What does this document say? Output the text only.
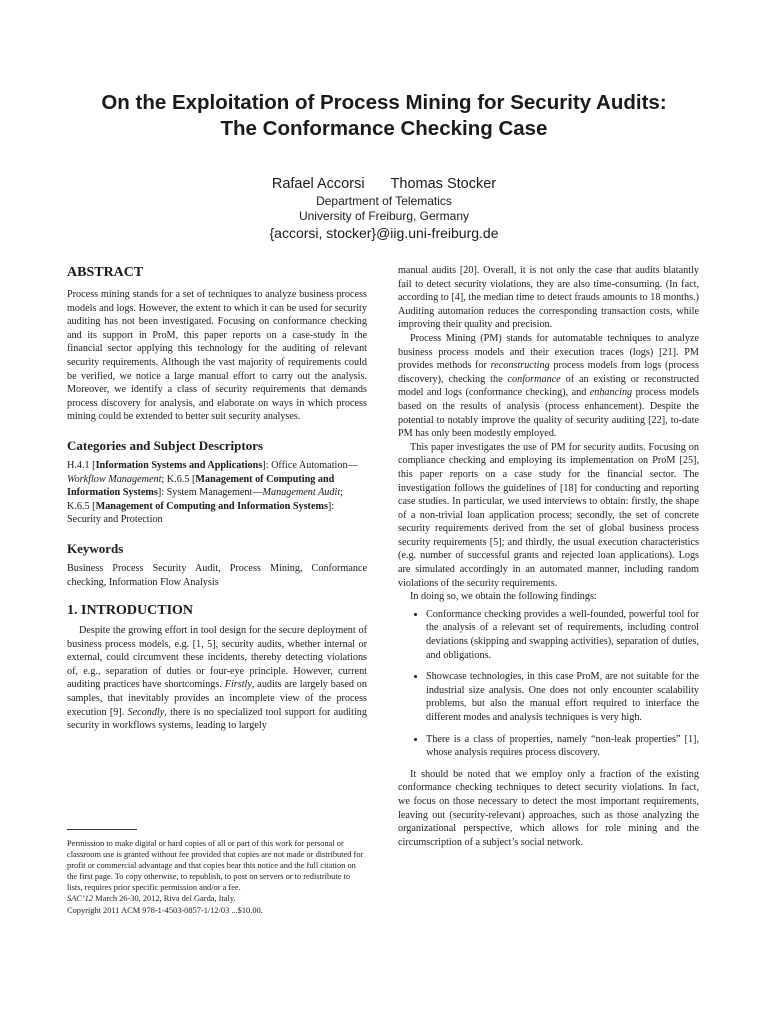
On the Exploitation of Process Mining for Security Audits:
The Conformance Checking Case
Rafael Accorsi Thomas Stocker
Department of Telematics
University of Freiburg, Germany
{accorsi, stocker}@iig.uni-freiburg.de
ABSTRACT

Process mining stands for a set of techniques to analyze business process models and logs. However, the extent to which it can be used for security auditing has not been investigated. Focusing on conformance checking and its support in ProM, this paper reports on a case-study in the financial sector applying this technology for the auditing of relevant security requirements. Although the vast majority of requirements could be verified, we notice a large manual effort to carry out the analysis. Moreover, we identify a class of security requirements that demands process discovery for analysis, and elaborate on ways in which process mining could be extended to better suit security analyses.

Categories and Subject Descriptors

H.4.1 [Information Systems and Applications]: Office Automation—Workflow Management; K.6.5 [Management of Computing and Information Systems]: System Management—Management Audit; K.6.5 [Management of Computing and Information Systems]: Security and Protection

Keywords

Business Process Security Audit, Process Mining, Conformance checking, Information Flow Analysis

1. INTRODUCTION

Despite the growing effort in tool design for the secure deployment of business process models, e.g. [1, 5], security audits, whether internal or external, could circumvent these incidents, thereby detecting violations of, e.g., separation of duties or four-eye principle. However, current auditing practices have shortcomings. Firstly, audits are largely based on samples, that inevitably provides an incomplete view of the process execution [9]. Secondly, there is no specialized tool support for auditing security in workflows systems, leading to largely

Permission to make digital or hard copies of all or part of this work for personal or classroom use is granted without fee provided that copies are not made or distributed for profit or commercial advantage and that copies bear this notice and the full citation on the first page. To copy otherwise, to republish, to post on servers or to redistribute to lists, requires prior specific permission and/or a fee.
SAC’12 March 26-30, 2012, Riva del Garda, Italy.
Copyright 2011 ACM 978-1-4503-0857-1/12/03 ...$10.00.

manual audits [20]. Overall, it is not only the case that audits blatantly fail to detect security violations, they are also time-consuming. (In fact, according to [4], the median time to detect frauds amounts to 18 months.) Auditing automation reduces the corresponding transaction costs, while improving their quality and precision.

Process Mining (PM) stands for automatable techniques to analyze business process models and their execution traces (logs) [21]. PM provides methods for reconstructing process models from logs (process discovery), checking the conformance of an existing or reconstructed model and logs (conformance checking), and enhancing process models based on the results of analysis (process enhancement). Despite the potential to notably improve the quality of security auditing [22], to-date PM has only been modestly employed.

This paper investigates the use of PM for security audits. Focusing on compliance checking and employing its implementation on ProM [25], this paper reports on a case study for the financial sector. The investigation follows the guidelines of [18] for conducting and reporting case studies. In particular, we used interviews to obtain: firstly, the shape of a non-trivial loan application process; secondly, the set of concrete security requirements derived from the set of global business process security requirements [5]; and thirdly, the usual execution characteristics (e.g. number of successful grants and rejected loan applications). Logs are simulated accordingly in an automated manner, including random violations of the security requirements.

In doing so, we obtain the following findings:

• Conformance checking provides a well-founded, powerful tool for the analysis of a relevant set of requirements, including control deviations (skipping and swapping activities), separation of duties, and obligations.
• Showcase technologies, in this case ProM, are not suitable for the industrial size analysis. One does not only encounter scalability problems, but also the manual effort required to interface the different modes and analysis techniques is very high.
• There is a class of properties, namely “non-leak properties” [1], whose analysis requires process discovery.

It should be noted that we employ only a fraction of the existing conformance checking techniques to detect security violations. In fact, we focus on those necessary to detect the most important requirements, leaving out (security-relevant) approaches, such as those analyzing the organizational perspective, which allows for role mining and the circumscription of a subject’s social network.
